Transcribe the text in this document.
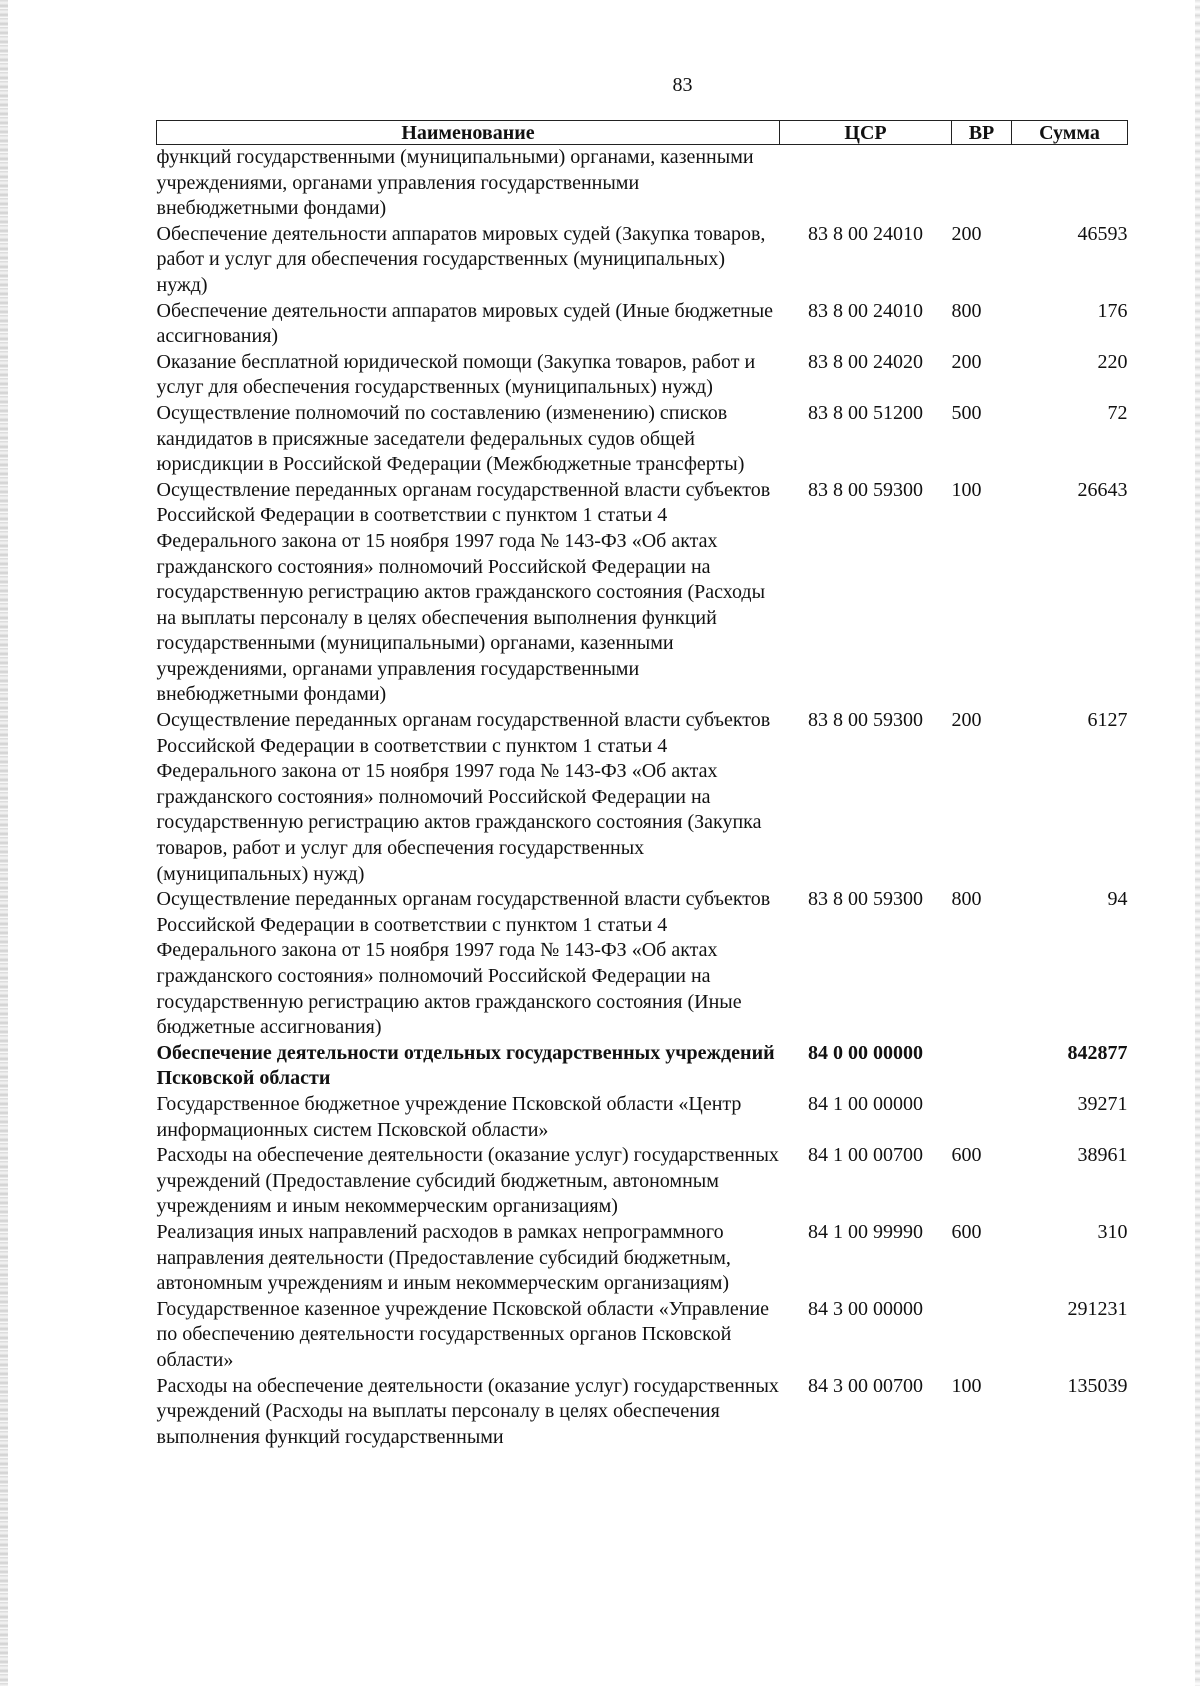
83
Наименование	ЦСР	ВР	Сумма
функций государственными (муниципальными) органами, казенными учреждениями, органами управления государственными внебюджетными фондами)			
Обеспечение деятельности аппаратов мировых судей (Закупка товаров, работ и услуг для обеспечения государственных (муниципальных) нужд)	83 8 00 24010	200	46593
Обеспечение деятельности аппаратов мировых судей (Иные бюджетные ассигнования)	83 8 00 24010	800	176
Оказание бесплатной юридической помощи (Закупка товаров, работ и услуг для обеспечения государственных (муниципальных) нужд)	83 8 00 24020	200	220
Осуществление полномочий по составлению (изменению) списков кандидатов в присяжные заседатели федеральных судов общей юрисдикции в Российской Федерации (Межбюджетные трансферты)	83 8 00 51200	500	72
Осуществление переданных органам государственной власти субъектов Российской Федерации в соответствии с пунктом 1 статьи 4 Федерального закона от 15 ноября 1997 года № 143-ФЗ «Об актах гражданского состояния» полномочий Российской Федерации на государственную регистрацию актов гражданского состояния (Расходы на выплаты персоналу в целях обеспечения выполнения функций государственными (муниципальными) органами, казенными учреждениями, органами управления государственными внебюджетными фондами)	83 8 00 59300	100	26643
Осуществление переданных органам государственной власти субъектов Российской Федерации в соответствии с пунктом 1 статьи 4 Федерального закона от 15 ноября 1997 года № 143-ФЗ «Об актах гражданского состояния» полномочий Российской Федерации на государственную регистрацию актов гражданского состояния (Закупка товаров, работ и услуг для обеспечения государственных (муниципальных) нужд)	83 8 00 59300	200	6127
Осуществление переданных органам государственной власти субъектов Российской Федерации в соответствии с пунктом 1 статьи 4 Федерального закона от 15 ноября 1997 года № 143-ФЗ «Об актах гражданского состояния» полномочий Российской Федерации на государственную регистрацию актов гражданского состояния (Иные бюджетные ассигнования)	83 8 00 59300	800	94
Обеспечение деятельности отдельных государственных учреждений Псковской области	84 0 00 00000		842877
Государственное бюджетное учреждение Псковской области «Центр информационных систем Псковской области»	84 1 00 00000		39271
Расходы на обеспечение деятельности (оказание услуг) государственных учреждений (Предоставление субсидий бюджетным, автономным учреждениям и иным некоммерческим организациям)	84 1 00 00700	600	38961
Реализация иных направлений расходов в рамках непрограммного направления деятельности (Предоставление субсидий бюджетным, автономным учреждениям и иным некоммерческим организациям)	84 1 00 99990	600	310
Государственное казенное учреждение Псковской области «Управление по обеспечению деятельности государственных органов Псковской области»	84 3 00 00000		291231
Расходы на обеспечение деятельности (оказание услуг) государственных учреждений (Расходы на выплаты персоналу в целях обеспечения выполнения функций государственными	84 3 00 00700	100	135039
